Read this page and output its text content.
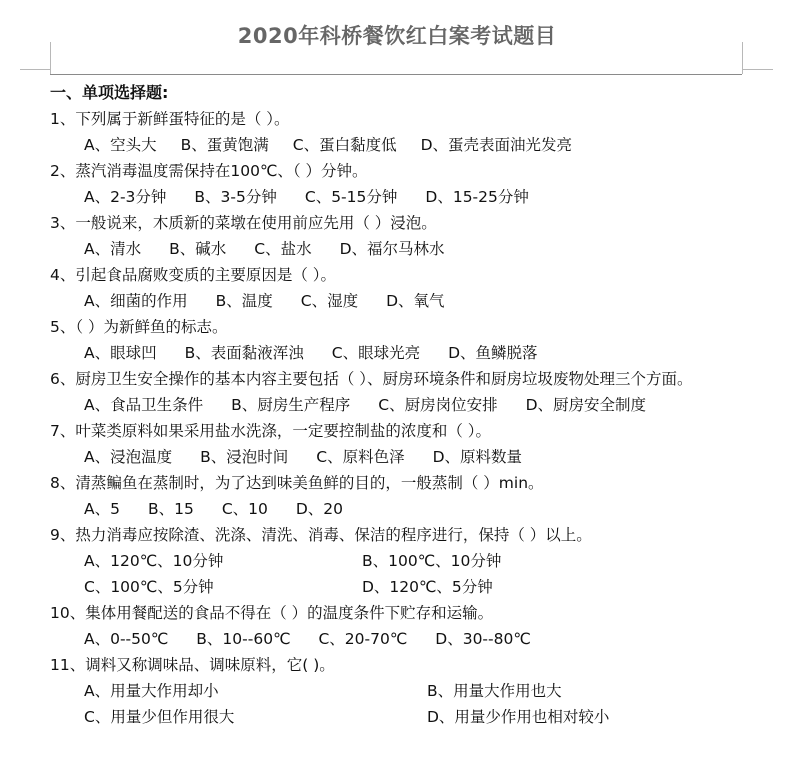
2020年科桥餐饮红白案考试题目
一、单项选择题:
1、下列属于新鲜蛋特征的是（ ）。
A、空头大 B、蛋黄饱满 C、蛋白黏度低 D、蛋壳表面油光发亮
2、蒸汽消毒温度需保持在100℃、（ ）分钟。
A、2-3分钟 B、3-5分钟 C、5-15分钟 D、15-25分钟
3、一般说来，木质新的菜墩在使用前应先用（ ）浸泡。
A、清水 B、碱水 C、盐水 D、福尔马林水
4、引起食品腐败变质的主要原因是（ ）。
A、细菌的作用 B、温度 C、湿度 D、氧气
5、（ ）为新鲜鱼的标志。
A、眼球凹 B、表面黏液浑浊 C、眼球光亮 D、鱼鳞脱落
6、厨房卫生安全操作的基本内容主要包括（ ）、厨房环境条件和厨房垃圾废物处理三个方面。
A、食品卫生条件 B、厨房生产程序 C、厨房岗位安排 D、厨房安全制度
7、叶菜类原料如果采用盐水洗涤，一定要控制盐的浓度和（ ）。
A、浸泡温度 B、浸泡时间 C、原料色泽 D、原料数量
8、清蒸鳊鱼在蒸制时，为了达到味美鱼鲜的目的，一般蒸制（ ）min。
A、5 B、15 C、10 D、20
9、热力消毒应按除渣、洗涤、清洗、消毒、保洁的程序进行，保持（ ）以上。
A、120℃、10分钟	B、100℃、10分钟
C、100℃、5分钟	D、120℃、5分钟
10、集体用餐配送的食品不得在（ ）的温度条件下贮存和运输。
A、0--50℃ B、10--60℃ C、20-70℃ D、30--80℃
11、调料又称调味品、调味原料，它( )。
A、用量大作用却小	B、用量大作用也大
C、用量少但作用很大	D、用量少作用也相对较小
